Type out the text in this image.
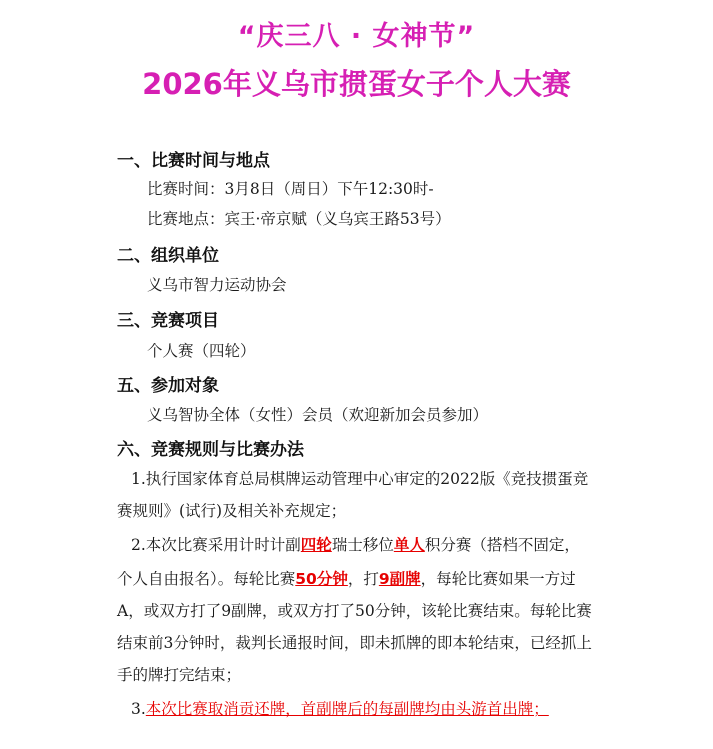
“庆三八 · 女神节”
2026年义乌市掼蛋女子个人大赛
一、比赛时间与地点
比赛时间：3月8日（周日）下午12:30时-
比赛地点：宾王·帝京赋（义乌宾王路53号）
二、组织单位
义乌市智力运动协会
三、竞赛项目
个人赛（四轮）
五、参加对象
义乌智协全体（女性）会员（欢迎新加会员参加）
六、竞赛规则与比赛办法
1.执行国家体育总局棋牌运动管理中心审定的2022版《竞技掼蛋竞
赛规则》(试行)及相关补充规定；
2.本次比赛采用计时计副四轮瑞士移位单人积分赛（搭档不固定，
个人自由报名）。每轮比赛50分钟，打9副牌，每轮比赛如果一方过
A，或双方打了9副牌，或双方打了50分钟，该轮比赛结束。每轮比赛
结束前3分钟时，裁判长通报时间，即未抓牌的即本轮结束，已经抓上
手的牌打完结束；
3.本次比赛取消贡还牌，首副牌后的每副牌均由头游首出牌；
